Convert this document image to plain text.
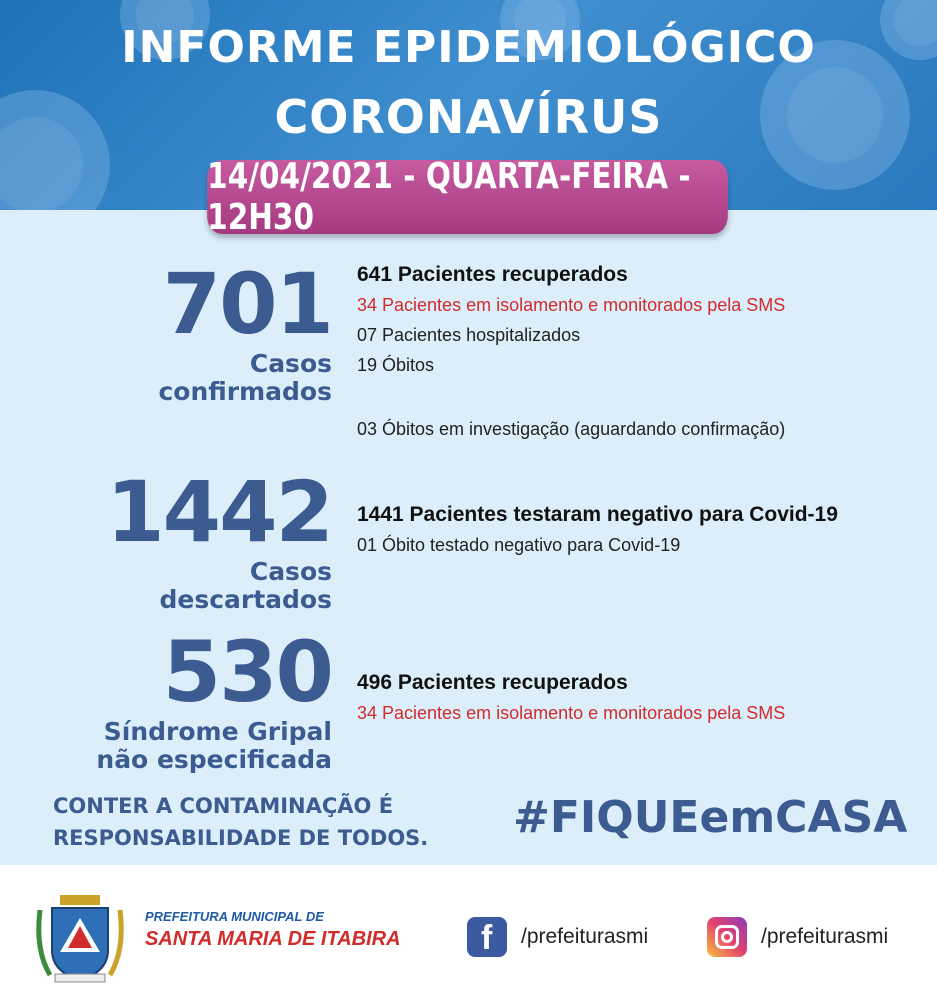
INFORME EPIDEMIOLÓGICO
CORONAVÍRUS
14/04/2021 - QUARTA-FEIRA - 12H30
701
Casos
confirmados
641 Pacientes recuperados
34 Pacientes em isolamento e monitorados pela SMS
07 Pacientes hospitalizados
19 Óbitos
03 Óbitos em investigação (aguardando confirmação)
1442
Casos
descartados
1441 Pacientes testaram negativo para Covid-19
01 Óbito testado negativo para Covid-19
530
Síndrome Gripal
não especificada
496 Pacientes recuperados
34 Pacientes em isolamento e monitorados pela SMS
CONTER A CONTAMINAÇÃO É
RESPONSABILIDADE DE TODOS. #FIQUEemCASA
PREFEITURA MUNICIPAL DE
SANTA MARIA DE ITABIRA f /prefeiturasmi	/prefeiturasmi
